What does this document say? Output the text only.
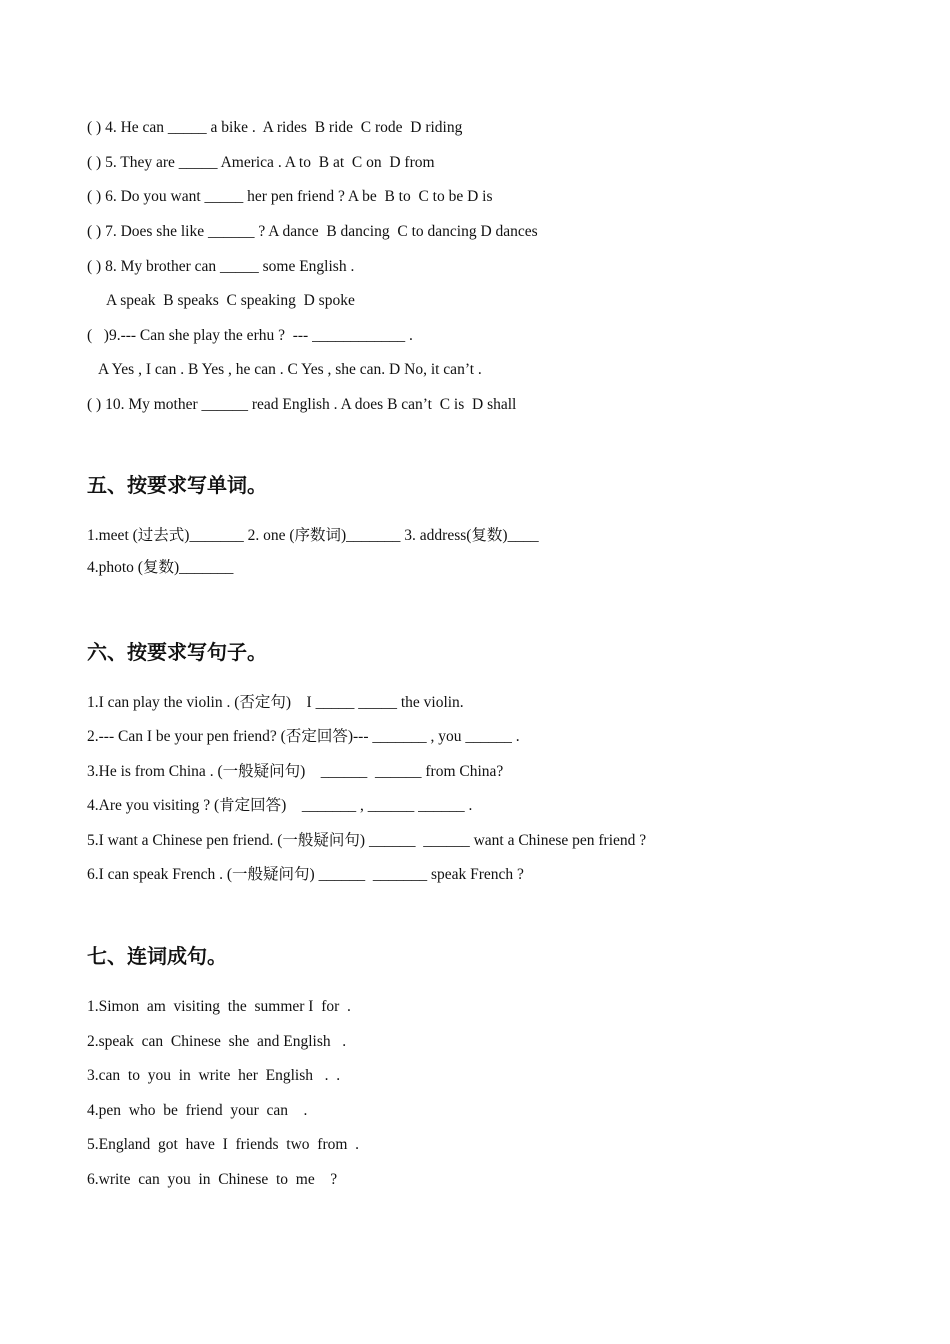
( ) 4. He can _____ a bike .  A rides  B ride  C rode  D riding
( ) 5. They are _____ America . A to  B at  C on  D from
( ) 6. Do you want _____ her pen friend ? A be  B to  C to be D is
( ) 7. Does she like ______ ? A dance  B dancing  C to dancing D dances
( ) 8. My brother can _____ some English .
A speak  B speaks  C speaking  D spoke
(   )9.--- Can she play the erhu ?  --- ____________ .
A Yes , I can . B Yes , he can . C Yes , she can. D No, it can’t .
( ) 10. My mother ______ read English . A does B can’t  C is  D shall
五、按要求写单词。
1.meet (过去式)_______ 2. one (序数词)_______ 3. address(复数)____
4.photo (复数)_______
六、按要求写句子。
1.I can play the violin . (否定句)    I _____ _____ the violin.
2.--- Can I be your pen friend? (否定回答)--- _______ , you ______ .
3.He is from China . (一般疑问句)    ______  ______ from China?
4.Are you visiting ? (肯定回答)    _______ , ______ ______ .
5.I want a Chinese pen friend. (一般疑问句) ______  ______ want a Chinese pen friend ?
6.I can speak French . (一般疑问句) ______  _______ speak French ?
七、连词成句。
1.Simon  am  visiting  the  summer I  for  .
2.speak  can  Chinese  she  and English   .
3.can  to  you  in  write  her  English   .  .
4.pen  who  be  friend  your  can    .
5.England  got  have  I  friends  two  from  .
6.write  can  you  in  Chinese  to  me    ?
